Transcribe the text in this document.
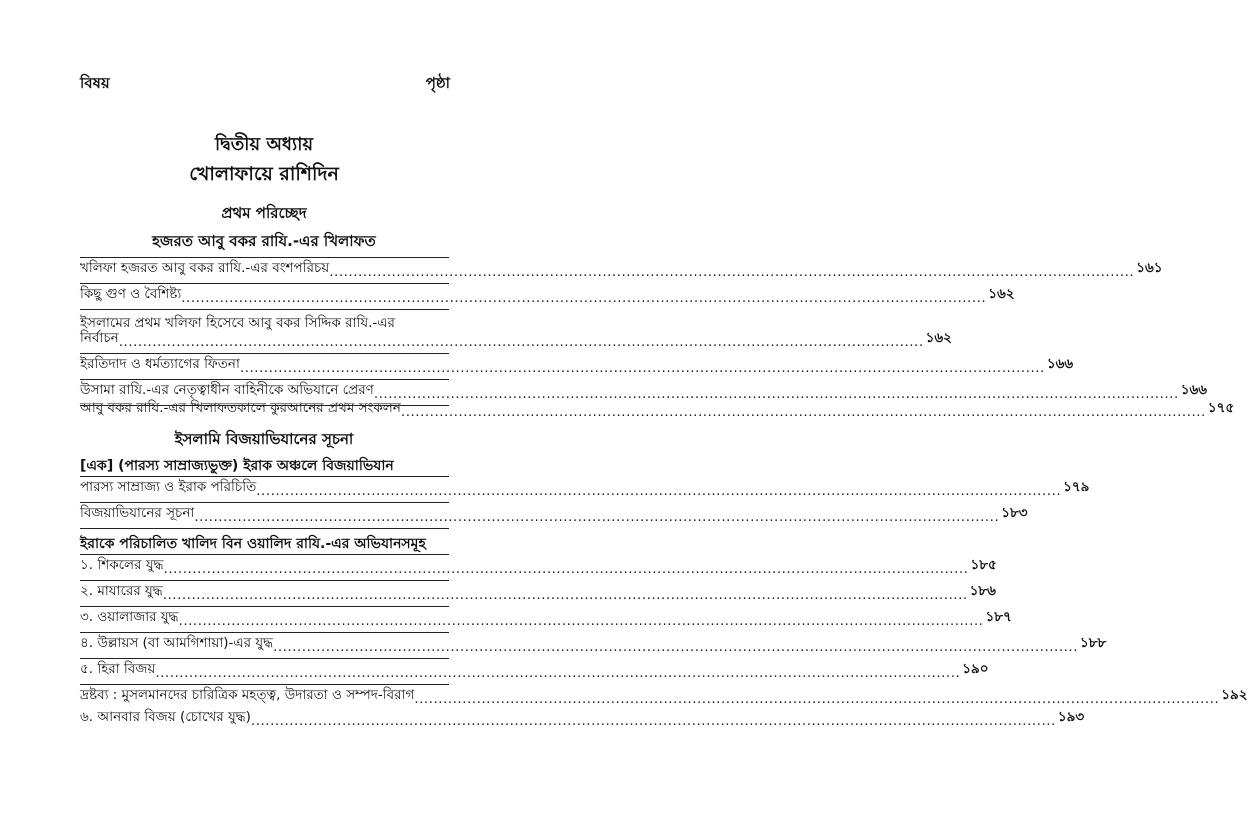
বিষয়	পৃষ্ঠা
দ্বিতীয় অধ্যায়
খোলাফায়ে রাশিদিন
প্রথম পরিচ্ছেদ
হজরত আবু বকর রাযি.-এর খিলাফত
খলিফা হজরত আবু বকর রাযি.-এর বংশপরিচয় .....	১৬১
কিছু গুণ ও বৈশিষ্ট্য .....	১৬২
ইসলামের প্রথম খলিফা হিসেবে আবু বকর সিদ্দিক রাযি.-এর
নির্বাচন .....	১৬২
ইরতিদাদ ও ধর্মত্যাগের ফিতনা .....	১৬৬
উসামা রাযি.-এর নেতৃত্বাধীন বাহিনীকে অভিযানে প্রেরণ .....	১৬৬
আবু বকর রাযি.-এর খিলাফতকালে কুরআনের প্রথম সংকলন .....	১৭৫
ইসলামি বিজয়াভিযানের সূচনা
[এক] (পারস্য সাম্রাজ্যভুক্ত) ইরাক অঞ্চলে বিজয়াভিযান
পারস্য সাম্রাজ্য ও ইরাক পরিচিতি .....	১৭৯
বিজয়াভিযানের সূচনা .....	১৮৩
ইরাকে পরিচালিত খালিদ বিন ওয়ালিদ রাযি.-এর অভিযানসমূহ
১. শিকলের যুদ্ধ .....	১৮৫
২. মাযারের যুদ্ধ .....	১৮৬
৩. ওয়ালাজার যুদ্ধ .....	১৮৭
৪. উল্লায়স (বা আমগিশায়া)-এর যুদ্ধ .....	১৮৮
৫. হিরা বিজয় .....	১৯০
দ্রষ্টব্য : মুসলমানদের চারিত্রিক মহত্ত্ব, উদারতা ও সম্পদ-বিরাগ .....	১৯২
৬. আনবার বিজয় (চোখের যুদ্ধ) .....	১৯৩
